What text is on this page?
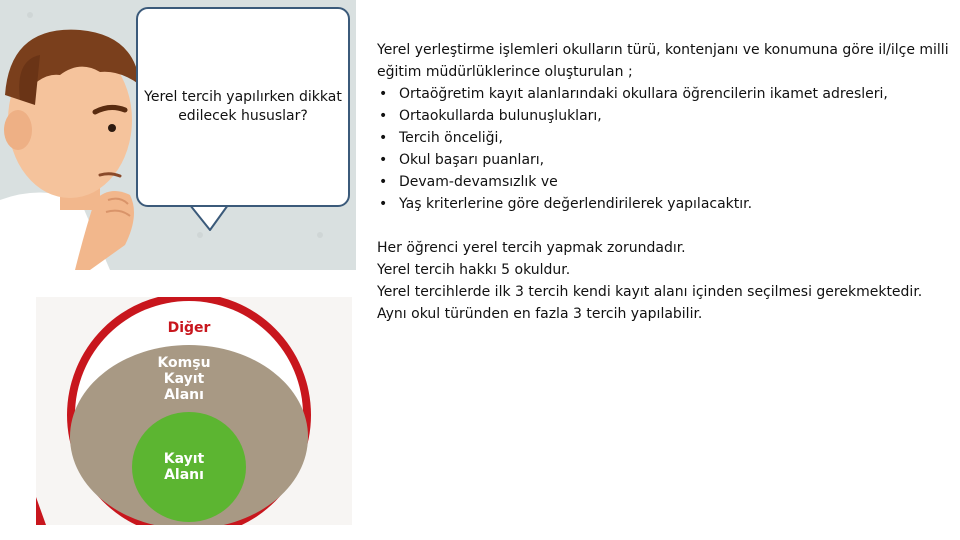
Yerel tercih yapılırken dikkat edilecek hususlar?
Diğer
Komşu
Kayıt
Alanı
Kayıt
Alanı

Yerel yerleştirme işlemleri okulların türü, kontenjanı ve konumuna göre il/ilçe milli eğitim müdürlüklerince oluşturulan ;

• Ortaöğretim kayıt alanlarındaki okullara öğrencilerin ikamet adresleri,
• Ortaokullarda bulunuşlukları,
• Tercih önceliği,
• Okul başarı puanları,
• Devam-devamsızlık ve
• Yaş kriterlerine göre değerlendirilerek yapılacaktır.

Her öğrenci yerel tercih yapmak zorundadır.

Yerel tercih hakkı 5 okuldur.

Yerel tercihlerde ilk 3 tercih kendi kayıt alanı içinden seçilmesi gerekmektedir.

Aynı okul türünden en fazla 3 tercih yapılabilir.
